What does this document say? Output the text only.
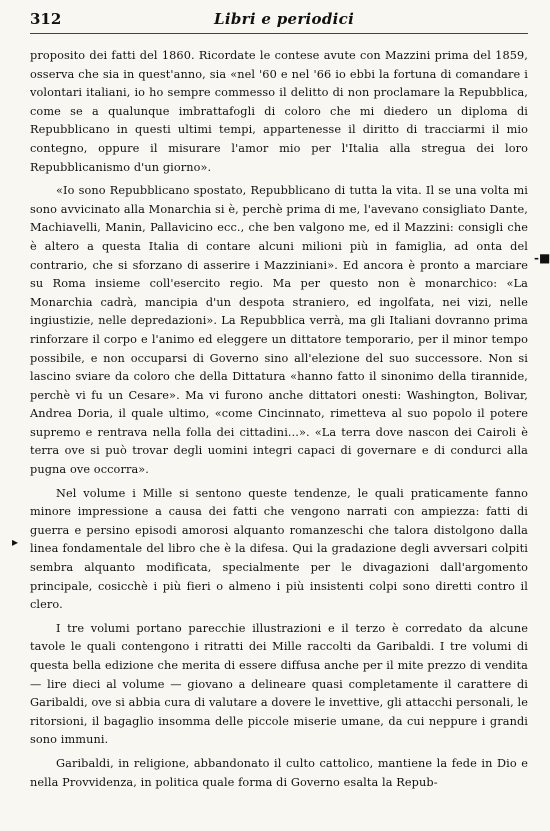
312	Libri e periodici

proposito dei fatti del 1860. Ricordate le contese avute con Mazzini prima del 1859, osserva che sia in quest'anno, sia «nel '60 e nel '66 io ebbi la fortuna di comandare i volontari italiani, io ho sempre commesso il delitto di non proclamare la Repubblica, come se a qualunque imbrattafogli di coloro che mi diedero un diploma di Repubblicano in questi ultimi tempi, appartenesse il diritto di tracciarmi il mio contegno, oppure il misurare l'amor mio per l'Italia alla stregua dei loro Repubblicanismo d'un giorno».

«Io sono Repubblicano spostato, Repubblicano di tutta la vita. Il se una volta mi sono avvicinato alla Monarchia si è, perchè prima di me, l'avevano consigliato Dante, Machiavelli, Manin, Pallavicino ecc., che ben valgono me, ed il Mazzini: consigli che è altero a questa Italia di contare alcuni milioni più in famiglia, ad onta del contrario, che si sforzano di asserire i Mazziniani». Ed ancora è pronto a marciare su Roma insieme coll'esercito regio. Ma per questo non è monarchico: «La Monarchia cadrà, mancipia d'un despota straniero, ed ingolfata, nei vizi, nelle ingiustizie, nelle depredazioni». La Repubblica verrà, ma gli Italiani dovranno prima rinforzare il corpo e l'animo ed eleggere un dittatore temporario, per il minor tempo possibile, e non occuparsi di Governo sino all'elezione del suo successore. Non si lascino sviare da coloro che della Dittatura «hanno fatto il sinonimo della tirannide, perchè vi fu un Cesare». Ma vi furono anche dittatori onesti: Washington, Bolivar, Andrea Doria, il quale ultimo, «come Cincinnato, rimetteva al suo popolo il potere supremo e rentrava nella folla dei cittadini...». «La terra dove nascon dei Cairoli è terra ove si può trovar degli uomini integri capaci di governare e di condurci alla pugna ove occorra».

Nel volume i Mille si sentono queste tendenze, le quali praticamente fanno minore impressione a causa dei fatti che vengono narrati con ampiezza: fatti di guerra e persino episodi amorosi alquanto romanzeschi che talora distolgono dalla linea fondamentale del libro che è la difesa. Qui la gradazione degli avversari colpiti sembra alquanto modificata, specialmente per le divagazioni dall'argomento principale, cosicchè i più fieri o almeno i più insistenti colpi sono diretti contro il clero.

I tre volumi portano parecchie illustrazioni e il terzo è corredato da alcune tavole le quali contengono i ritratti dei Mille raccolti da Garibaldi. I tre volumi di questa bella edizione che merita di essere diffusa anche per il mite prezzo di vendita — lire dieci al volume — giovano a delineare quasi completamente il carattere di Garibaldi, ove si abbia cura di valutare a dovere le invettive, gli attacchi personali, le ritorsioni, il bagaglio insomma delle piccole miserie umane, da cui neppure i grandi sono immuni.

Garibaldi, in religione, abbandonato il culto cattolico, mantiene la fede in Dio e nella Provvidenza, in politica quale forma di Governo esalta la Repub-

-■
▸
